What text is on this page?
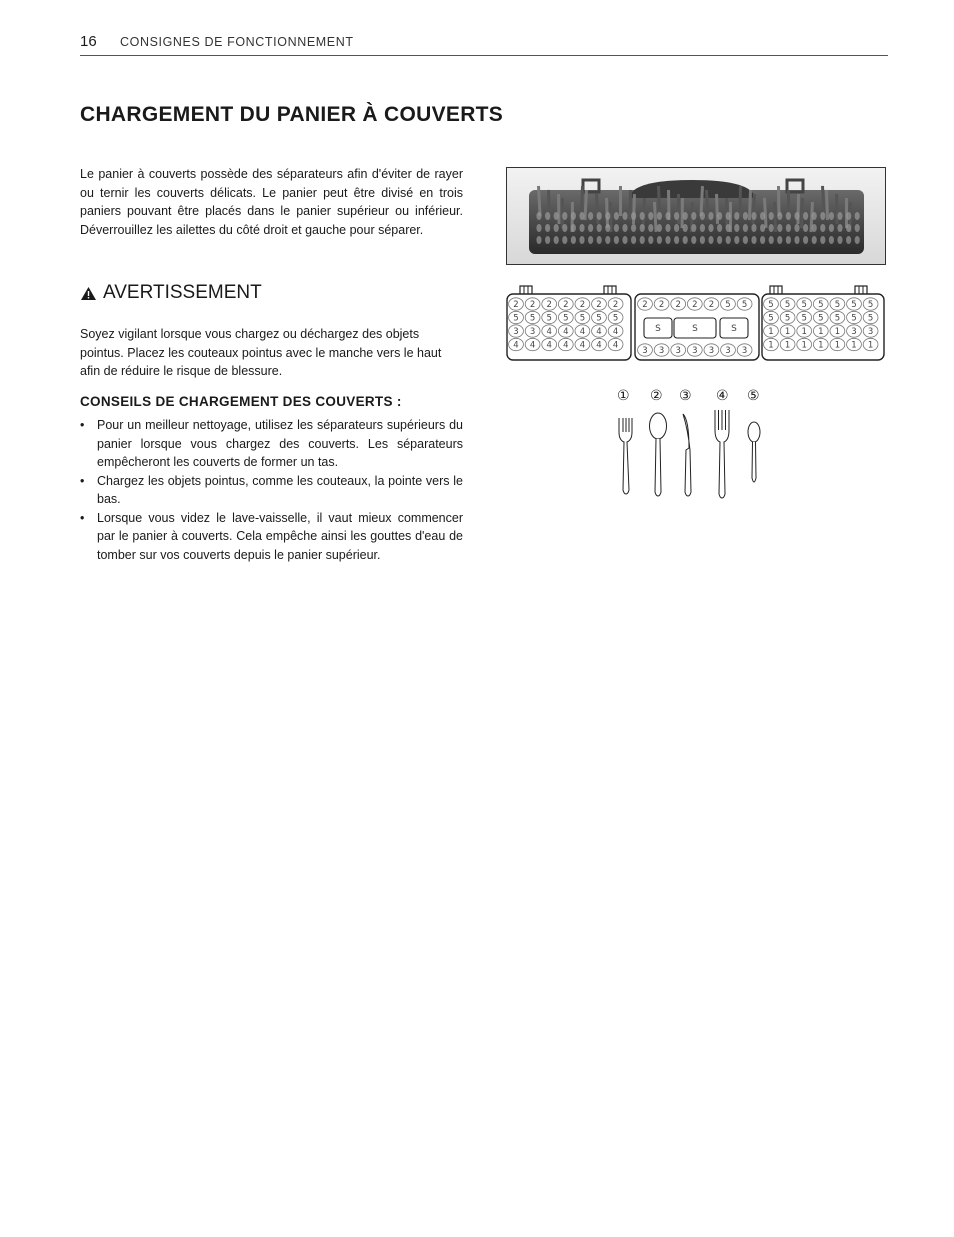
16 CONSIGNES DE FONCTIONNEMENT
CHARGEMENT DU PANIER À COUVERTS

Le panier à couverts possède des séparateurs afin d'éviter de rayer ou ternir les couverts délicats. Le panier peut être divisé en trois paniers pouvant être placés dans le panier supérieur ou inférieur. Déverrouillez les ailettes du côté droit et gauche pour séparer.

AVERTISSEMENT

Soyez vigilant lorsque vous chargez ou déchargez des objets pointus. Placez les couteaux pointus avec le manche vers le haut afin de réduire le risque de blessure.

CONSEILS DE CHARGEMENT DES COUVERTS :
• Pour un meilleur nettoyage, utilisez les séparateurs supérieurs du panier lorsque vous chargez des couverts. Les séparateurs empêcheront les couverts de former un tas.
• Chargez les objets pointus, comme les couteaux, la pointe vers le bas.
• Lorsque vous videz le lave-vaisselle, il vaut mieux commencer par le panier à couverts. Cela empêche ainsi les gouttes d'eau de tomber sur vos couverts depuis le panier supérieur.
2 2 2 2 2 2 2
5 5 5 5 5 5 5
3 3 4 4 4 4 4
4 4 4 4 4 4 4
2 2 2 2 2 5 5
3 3 3 3 3 3 3
S	S	S
5 5 5 5 5 5 5
5 5 5 5 5 5 5
1 1 1 1 1 3 3
1 1 1 1 1 1 1
① ② ③ ④ ⑤
